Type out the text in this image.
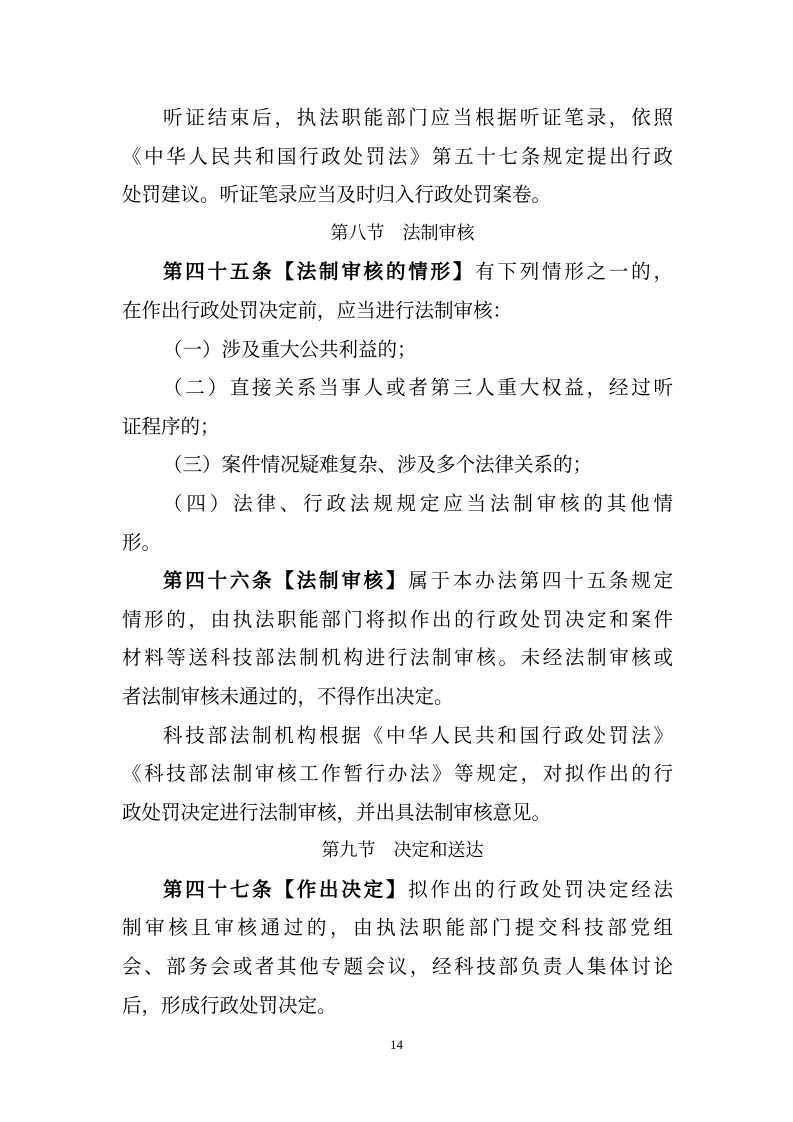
听证结束后，执法职能部门应当根据听证笔录，依照
《中华人民共和国行政处罚法》第五十七条规定提出行政
处罚建议。听证笔录应当及时归入行政处罚案卷。
第八节　法制审核
第四十五条【法制审核的情形】有下列情形之一的，
在作出行政处罚决定前，应当进行法制审核：
（一）涉及重大公共利益的；
（二）直接关系当事人或者第三人重大权益，经过听
证程序的；
（三）案件情况疑难复杂、涉及多个法律关系的；
（四）法律、行政法规规定应当法制审核的其他情
形。
第四十六条【法制审核】属于本办法第四十五条规定
情形的，由执法职能部门将拟作出的行政处罚决定和案件
材料等送科技部法制机构进行法制审核。未经法制审核或
者法制审核未通过的，不得作出决定。
科技部法制机构根据《中华人民共和国行政处罚法》
《科技部法制审核工作暂行办法》等规定，对拟作出的行
政处罚决定进行法制审核，并出具法制审核意见。
第九节　决定和送达
第四十七条【作出决定】拟作出的行政处罚决定经法
制审核且审核通过的，由执法职能部门提交科技部党组
会、部务会或者其他专题会议，经科技部负责人集体讨论
后，形成行政处罚决定。
14
